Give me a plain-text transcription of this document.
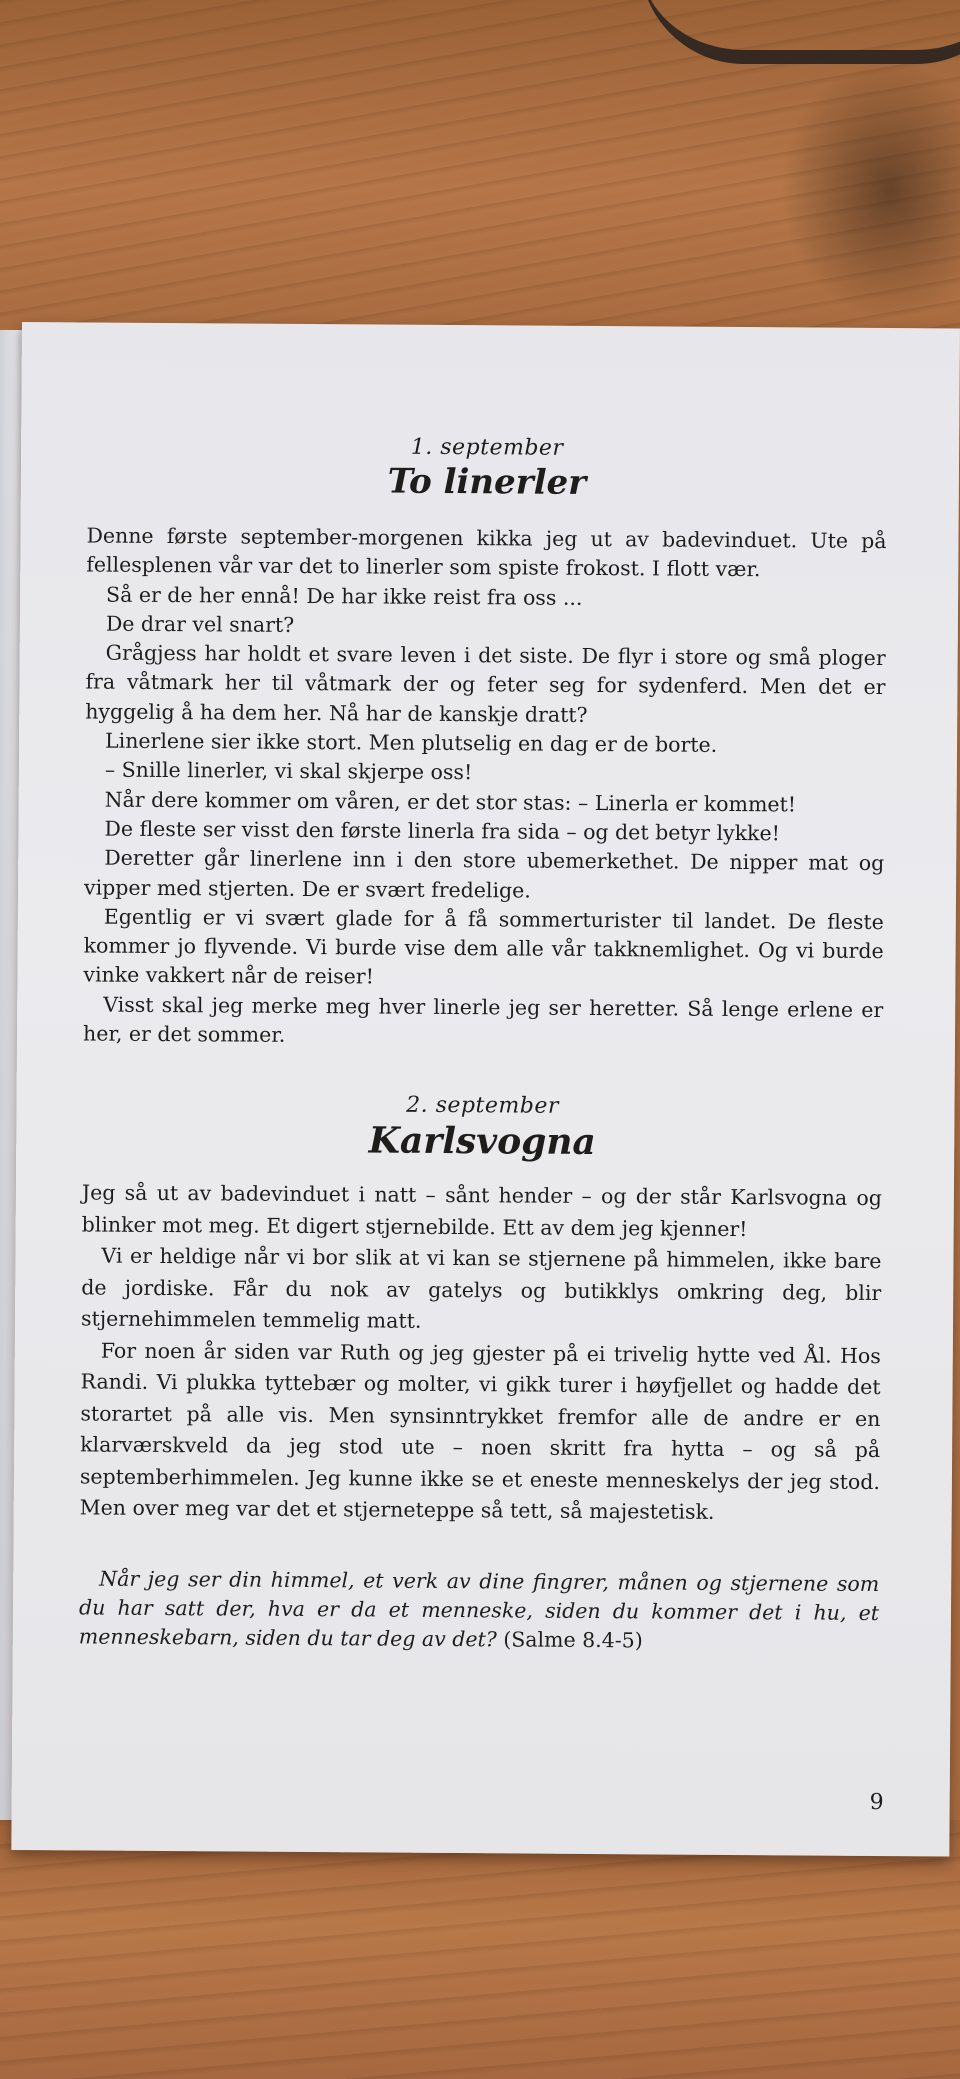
1. september

To linerler

Denne første september-morgenen kikka jeg ut av badevinduet. Ute på fellesplenen vår var det to linerler som spiste frokost. I flott vær.

Så er de her ennå! De har ikke reist fra oss ...

De drar vel snart?

Grågjess har holdt et svare leven i det siste. De flyr i store og små ploger fra våtmark her til våtmark der og feter seg for sydenferd. Men det er hyggelig å ha dem her. Nå har de kanskje dratt?

Linerlene sier ikke stort. Men plutselig en dag er de borte.

– Snille linerler, vi skal skjerpe oss!

Når dere kommer om våren, er det stor stas: – Linerla er kommet!

De fleste ser visst den første linerla fra sida – og det betyr lykke!

Deretter går linerlene inn i den store ubemerkethet. De nipper mat og vipper med stjerten. De er svært fredelige.

Egentlig er vi svært glade for å få sommerturister til landet. De fleste kommer jo flyvende. Vi burde vise dem alle vår takknemlighet. Og vi burde vinke vakkert når de reiser!

Visst skal jeg merke meg hver linerle jeg ser heretter. Så lenge erlene er her, er det sommer.

2. september

Karlsvogna

Jeg så ut av badevinduet i natt – sånt hender – og der står Karlsvogna og blinker mot meg. Et digert stjernebilde. Ett av dem jeg kjenner!

Vi er heldige når vi bor slik at vi kan se stjernene på himmelen, ikke bare de jordiske. Får du nok av gatelys og butikklys omkring deg, blir stjernehimmelen temmelig matt.

For noen år siden var Ruth og jeg gjester på ei trivelig hytte ved Ål. Hos Randi. Vi plukka tyttebær og molter, vi gikk turer i høyfjellet og hadde det storartet på alle vis. Men synsinntrykket fremfor alle de andre er en klarværskveld da jeg stod ute – noen skritt fra hytta – og så på septemberhimmelen. Jeg kunne ikke se et eneste menneskelys der jeg stod. Men over meg var det et stjerneteppe så tett, så majestetisk.

Når jeg ser din himmel, et verk av dine fingrer, månen og stjernene som du har satt der, hva er da et menneske, siden du kommer det i hu, et menneskebarn, siden du tar deg av det? (Salme 8.4-5)

9
